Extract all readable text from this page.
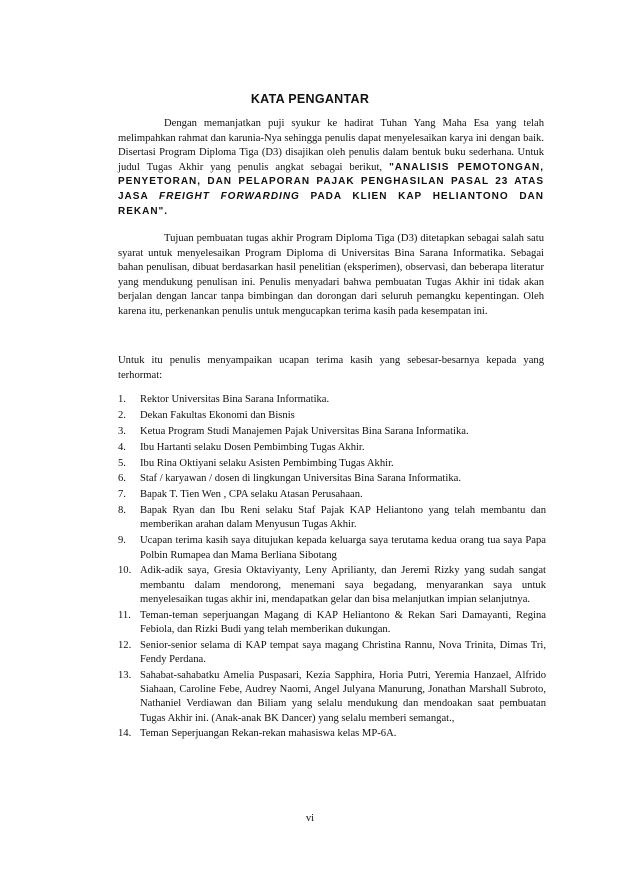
KATA PENGANTAR
Dengan memanjatkan puji syukur ke hadirat Tuhan Yang Maha Esa yang telah melimpahkan rahmat dan karunia-Nya sehingga penulis dapat menyelesaikan karya ini dengan baik. Disertasi Program Diploma Tiga (D3) disajikan oleh penulis dalam bentuk buku sederhana. Untuk judul Tugas Akhir yang penulis angkat sebagai berikut, "ANALISIS PEMOTONGAN, PENYETORAN, DAN PELAPORAN PAJAK PENGHASILAN PASAL 23 ATAS JASA FREIGHT FORWARDING PADA KLIEN KAP HELIANTONO DAN REKAN".
Tujuan pembuatan tugas akhir Program Diploma Tiga (D3) ditetapkan sebagai salah satu syarat untuk menyelesaikan Program Diploma di Universitas Bina Sarana Informatika. Sebagai bahan penulisan, dibuat berdasarkan hasil penelitian (eksperimen), observasi, dan beberapa literatur yang mendukung penulisan ini. Penulis menyadari bahwa pembuatan Tugas Akhir ini tidak akan berjalan dengan lancar tanpa bimbingan dan dorongan dari seluruh pemangku kepentingan. Oleh karena itu, perkenankan penulis untuk mengucapkan terima kasih pada kesempatan ini.
Untuk itu penulis menyampaikan ucapan terima kasih yang sebesar-besarnya kepada yang terhormat:
1. Rektor Universitas Bina Sarana Informatika.
2. Dekan Fakultas Ekonomi dan Bisnis
3. Ketua Program Studi Manajemen Pajak Universitas Bina Sarana Informatika.
4. Ibu Hartanti selaku Dosen Pembimbing Tugas Akhir.
5. Ibu Rina Oktiyani selaku Asisten Pembimbing Tugas Akhir.
6. Staf / karyawan / dosen di lingkungan Universitas Bina Sarana Informatika.
7. Bapak T. Tien Wen , CPA selaku Atasan Perusahaan.
8. Bapak Ryan dan Ibu Reni selaku Staf Pajak KAP Heliantono yang telah membantu dan memberikan arahan dalam Menyusun Tugas Akhir.
9. Ucapan terima kasih saya ditujukan kepada keluarga saya terutama kedua orang tua saya Papa Polbin Rumapea dan Mama Berliana Sibotang
10. Adik-adik saya, Gresia Oktaviyanty, Leny Aprilianty, dan Jeremi Rizky yang sudah sangat membantu dalam mendorong, menemani saya begadang, menyarankan saya untuk menyelesaikan tugas akhir ini, mendapatkan gelar dan bisa melanjutkan impian selanjutnya.
11. Teman-teman seperjuangan Magang di KAP Heliantono & Rekan Sari Damayanti, Regina Febiola, dan Rizki Budi yang telah memberikan dukungan.
12. Senior-senior selama di KAP tempat saya magang Christina Rannu, Nova Trinita, Dimas Tri, Fendy Perdana.
13. Sahabat-sahabatku Amelia Puspasari, Kezia Sapphira, Horia Putri, Yeremia Hanzael, Alfrido Siahaan, Caroline Febe, Audrey Naomi, Angel Julyana Manurung, Jonathan Marshall Subroto, Nathaniel Verdiawan dan Biliam yang selalu mendukung dan mendoakan saat pembuatan Tugas Akhir ini. (Anak-anak BK Dancer) yang selalu memberi semangat.,
14. Teman Seperjuangan Rekan-rekan mahasiswa kelas MP-6A.
vi
